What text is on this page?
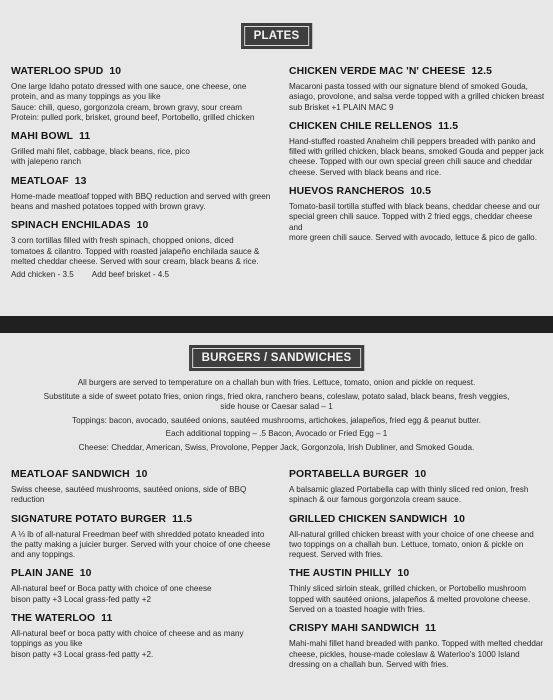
PLATES
WATERLOO SPUD 10
One large Idaho potato dressed with one sauce, one cheese, one
protein, and as many toppings as you like
Sauce: chili, queso, gorgonzola cream, brown gravy, sour cream
Protein: pulled pork, brisket, ground beef, Portobello, grilled chicken
MAHI BOWL 11
Grilled mahi filet, cabbage, black beans, rice, pico
with jalepeno ranch
MEATLOAF 13
Home-made meatloaf topped with BBQ reduction and served with green
beans and mashed potatoes topped with brown gravy.
SPINACH ENCHILADAS 10
3 corn tortillas filled with fresh spinach, chopped onions, diced
tomatoes & cilantro. Topped with roasted jalapeño enchilada sauce &
melted cheddar cheese. Served with sour cream, black beans & rice.
Add chicken - 3.5 Add beef brisket - 4.5
CHICKEN VERDE MAC 'N' CHEESE 12.5
Macaroni pasta tossed with our signature blend of smoked Gouda,
asiago, provolone, and salsa verde topped with a grilled chicken breast
sub Brisket +1 PLAIN MAC 9
CHICKEN CHILE RELLENOS 11.5
Hand-stuffed roasted Anaheim chili peppers breaded with panko and
filled with grilled chicken, black beans, smoked Gouda and pepper jack
cheese. Topped with our own special green chili sauce and cheddar
cheese. Served with black beans and rice.
HUEVOS RANCHEROS 10.5
Tomato-basil tortilla stuffed with black beans, cheddar cheese and our
special green chili sauce. Topped with 2 fried eggs, cheddar cheese and
more green chili sauce. Served with avocado, lettuce & pico de gallo.
BURGERS / SANDWICHES

All burgers are served to temperature on a challah bun with fries. Lettuce, tomato, onion and pickle on request.

Substitute a side of sweet potato fries, onion rings, fried okra, ranchero beans, coleslaw, potato salad, black beans, fresh veggies, side house or Caesar salad – 1

Toppings: bacon, avocado, sautéed onions, sautéed mushrooms, artichokes, jalapeños, fried egg & peanut butter.

Each additional topping – .5 Bacon, Avocado or Fried Egg – 1

Cheese: Cheddar, American, Swiss, Provolone, Pepper Jack, Gorgonzola, Irish Dubliner, and Smoked Gouda.

MEATLOAF SANDWICH 10
Swiss cheese, sautéed mushrooms, sautéed onions, side of BBQ
reduction
SIGNATURE POTATO BURGER 11.5
A ⅓ lb of all-natural Freedman beef with shredded potato kneaded into
the patty making a juicier burger. Served with your choice of one cheese
and any toppings.
PLAIN JANE 10
All-natural beef or Boca patty with choice of one cheese
bison patty +3 Local grass-fed patty +2
THE WATERLOO 11
All-natural beef or boca patty with choice of cheese and as many
toppings as you like
bison patty +3 Local grass-fed patty +2.
PORTABELLA BURGER 10
A balsamic glazed Portabella cap with thinly sliced red onion, fresh
spinach & our famous gorgonzola cream sauce.
GRILLED CHICKEN SANDWICH 10
All-natural grilled chicken breast with your choice of one cheese and
two toppings on a challah bun. Lettuce, tomato, onion & pickle on
request. Served with fries.
THE AUSTIN PHILLY 10
Thinly sliced sirloin steak, grilled chicken, or Portobello mushroom
topped with sautéed onions, jalapeños & melted provolone cheese.
Served on a toasted hoagie with fries.
CRISPY MAHI SANDWICH 11
Mahi-mahi fillet hand breaded with panko. Topped with melted cheddar
cheese, pickles, house-made coleslaw & Waterloo's 1000 Island
dressing on a challah bun. Served with fries.
